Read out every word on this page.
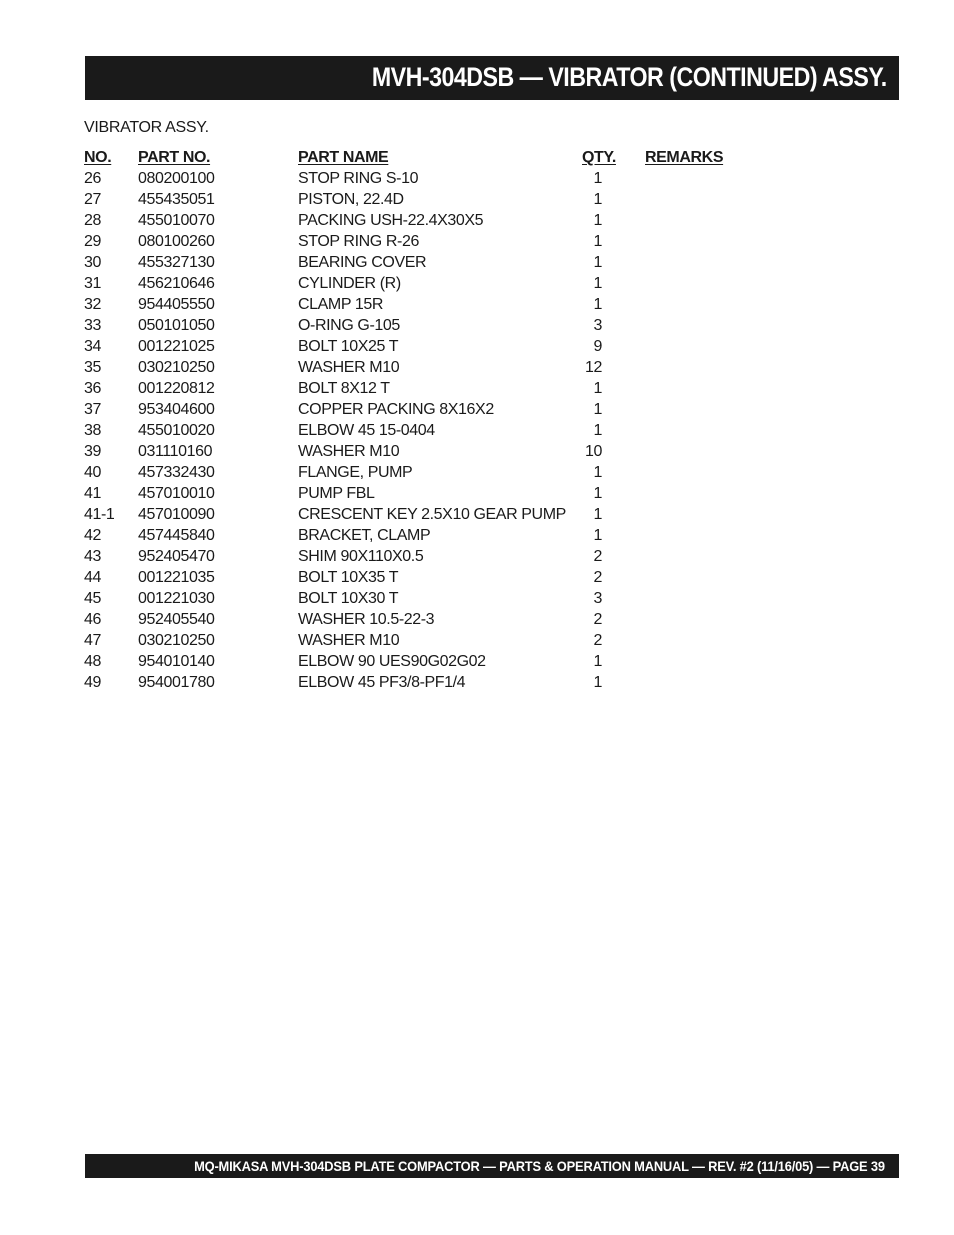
MVH-304DSB — VIBRATOR (CONTINUED) ASSY.
VIBRATOR ASSY.
NO. PART NO.	PART NAME	QTY. REMARKS
26 080200100	STOP RING S-10	1
27 455435051	PISTON, 22.4D	1
28 455010070	PACKING USH-22.4X30X5	1
29 080100260	STOP RING R-26	1
30 455327130	BEARING COVER	1
31 456210646	CYLINDER (R)	1
32 954405550	CLAMP 15R	1
33 050101050	O-RING G-105	3
34 001221025	BOLT 10X25 T	9
35 030210250	WASHER M10	12
36 001220812	BOLT 8X12 T	1
37 953404600	COPPER PACKING 8X16X2	1
38 455010020	ELBOW 45 15-0404	1
39 031110160	WASHER M10	10
40 457332430	FLANGE, PUMP	1
41 457010010	PUMP FBL	1
41-1 457010090	CRESCENT KEY 2.5X10 GEAR PUMP	1
42 457445840	BRACKET, CLAMP	1
43 952405470	SHIM 90X110X0.5	2
44 001221035	BOLT 10X35 T	2
45 001221030	BOLT 10X30 T	3
46 952405540	WASHER 10.5-22-3	2
47 030210250	WASHER M10	2
48 954010140	ELBOW 90 UES90G02G02	1
49 954001780	ELBOW 45 PF3/8-PF1/4	1
MQ-MIKASA MVH-304DSB PLATE COMPACTOR — PARTS & OPERATION MANUAL — REV. #2 (11/16/05) — PAGE 39
